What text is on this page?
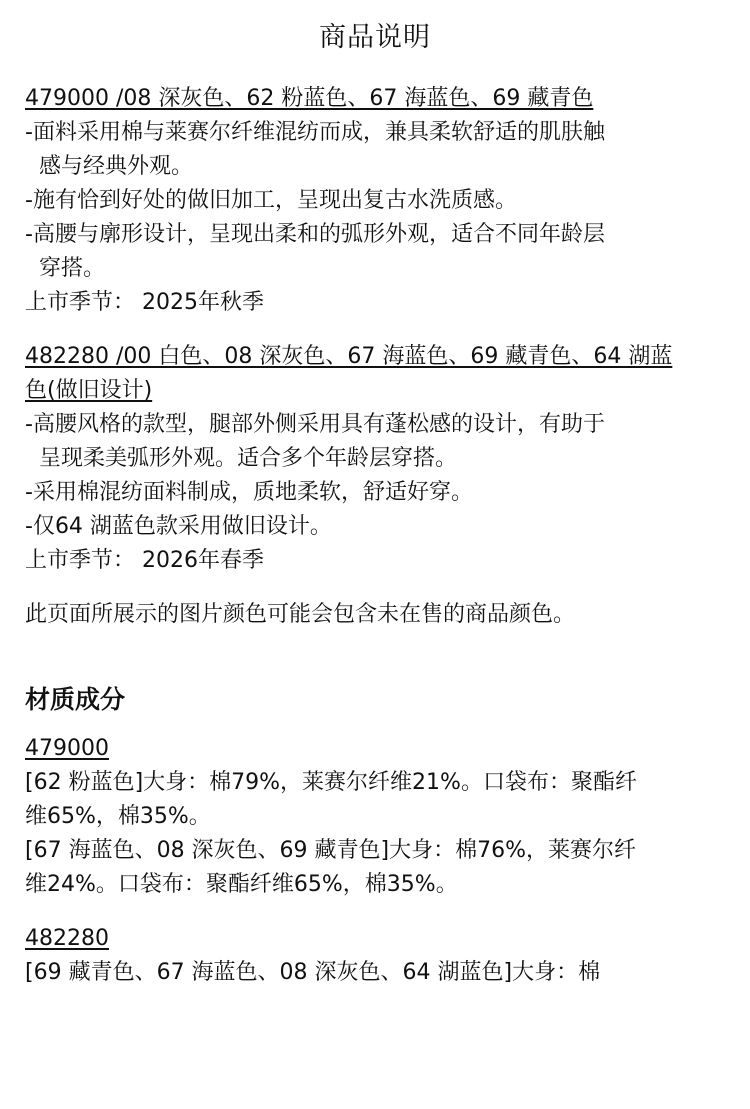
商品说明
479000 /08 深灰色、62 粉蓝色、67 海蓝色、69 藏青色
-面料采用棉与莱赛尔纤维混纺而成，兼具柔软舒适的肌肤触
感与经典外观。
-施有恰到好处的做旧加工，呈现出复古水洗质感。
-高腰与廓形设计，呈现出柔和的弧形外观，适合不同年龄层
穿搭。
上市季节： 2025年秋季
482280 /00 白色、08 深灰色、67 海蓝色、69 藏青色、64 湖蓝
色(做旧设计)
-高腰风格的款型，腿部外侧采用具有蓬松感的设计，有助于
呈现柔美弧形外观。适合多个年龄层穿搭。
-采用棉混纺面料制成，质地柔软，舒适好穿。
-仅64 湖蓝色款采用做旧设计。
上市季节： 2026年春季
此页面所展示的图片颜色可能会包含未在售的商品颜色。
材质成分
479000
[62 粉蓝色]大身：棉79%，莱赛尔纤维21%。口袋布：聚酯纤
维65%，棉35%。
[67 海蓝色、08 深灰色、69 藏青色]大身：棉76%，莱赛尔纤
维24%。口袋布：聚酯纤维65%，棉35%。
482280
[69 藏青色、67 海蓝色、08 深灰色、64 湖蓝色]大身：棉
